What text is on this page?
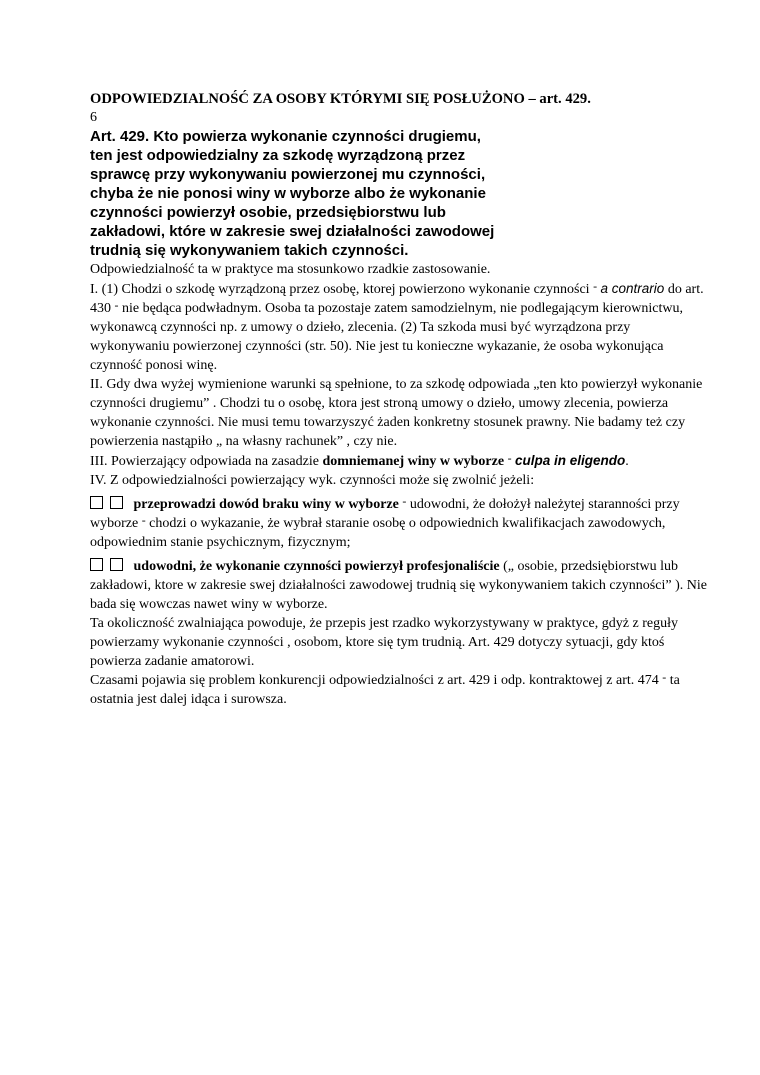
ODPOWIEDZIALNOŚĆ ZA OSOBY KTÓRYMI SIĘ POSŁUŻONO – art. 429.
6
Art. 429. Kto powierza wykonanie czynności drugiemu,
ten jest odpowiedzialny za szkodę wyrządzoną przez
sprawcę przy wykonywaniu powierzonej mu czynności,
chyba że nie ponosi winy w wyborze albo że wykonanie
czynności powierzył osobie, przedsiębiorstwu lub
zakładowi, które w zakresie swej działalności zawodowej
trudnią się wykonywaniem takich czynności.
Odpowiedzialność ta w praktyce ma stosunkowo rzadkie zastosowanie.
I. (1) Chodzi o szkodę wyrządzoną przez osobę, ktorej powierzono wykonanie czynności - a contrario do art. 430 - nie będąca podwładnym. Osoba ta pozostaje zatem samodzielnym, nie podlegającym kierownictwu, wykonawcą czynności np. z umowy o dzieło, zlecenia. (2) Ta szkoda musi być wyrządzona przy wykonywaniu powierzonej czynności (str. 50). Nie jest tu konieczne wykazanie, że osoba wykonująca czynność ponosi winę.
II. Gdy dwa wyżej wymienione warunki są spełnione, to za szkodę odpowiada „ten kto powierzył wykonanie czynności drugiemu” . Chodzi tu o osobę, ktora jest stroną umowy o dzieło, umowy zlecenia, powierza wykonanie czynności. Nie musi temu towarzyszyć żaden konkretny stosunek prawny. Nie badamy też czy powierzenia nastąpiło „ na własny rachunek” , czy nie.
III. Powierzający odpowiada na zasadzie domniemanej winy w wyborze - culpa in eligendo.
IV. Z odpowiedzialności powierzający wyk. czynności może się zwolnić jeżeli:
przeprowadzi dowód braku winy w wyborze - udowodni, że dołożył należytej staranności przy wyborze - chodzi o wykazanie, że wybrał staranie osobę o odpowiednich kwalifikacjach zawodowych, odpowiednim stanie psychicznym, fizycznym;
udowodni, że wykonanie czynności powierzył profesjonaliście („ osobie, przedsiębiorstwu lub zakładowi, ktore w zakresie swej działalności zawodowej trudnią się wykonywaniem takich czynności” ). Nie bada się wowczas nawet winy w wyborze.
Ta okoliczność zwalniająca powoduje, że przepis jest rzadko wykorzystywany w praktyce, gdyż z reguły powierzamy wykonanie czynności , osobom, ktore się tym trudnią. Art. 429 dotyczy sytuacji, gdy ktoś powierza zadanie amatorowi.
Czasami pojawia się problem konkurencji odpowiedzialności z art. 429 i odp. kontraktowej z art. 474 - ta ostatnia jest dalej idąca i surowsza.
